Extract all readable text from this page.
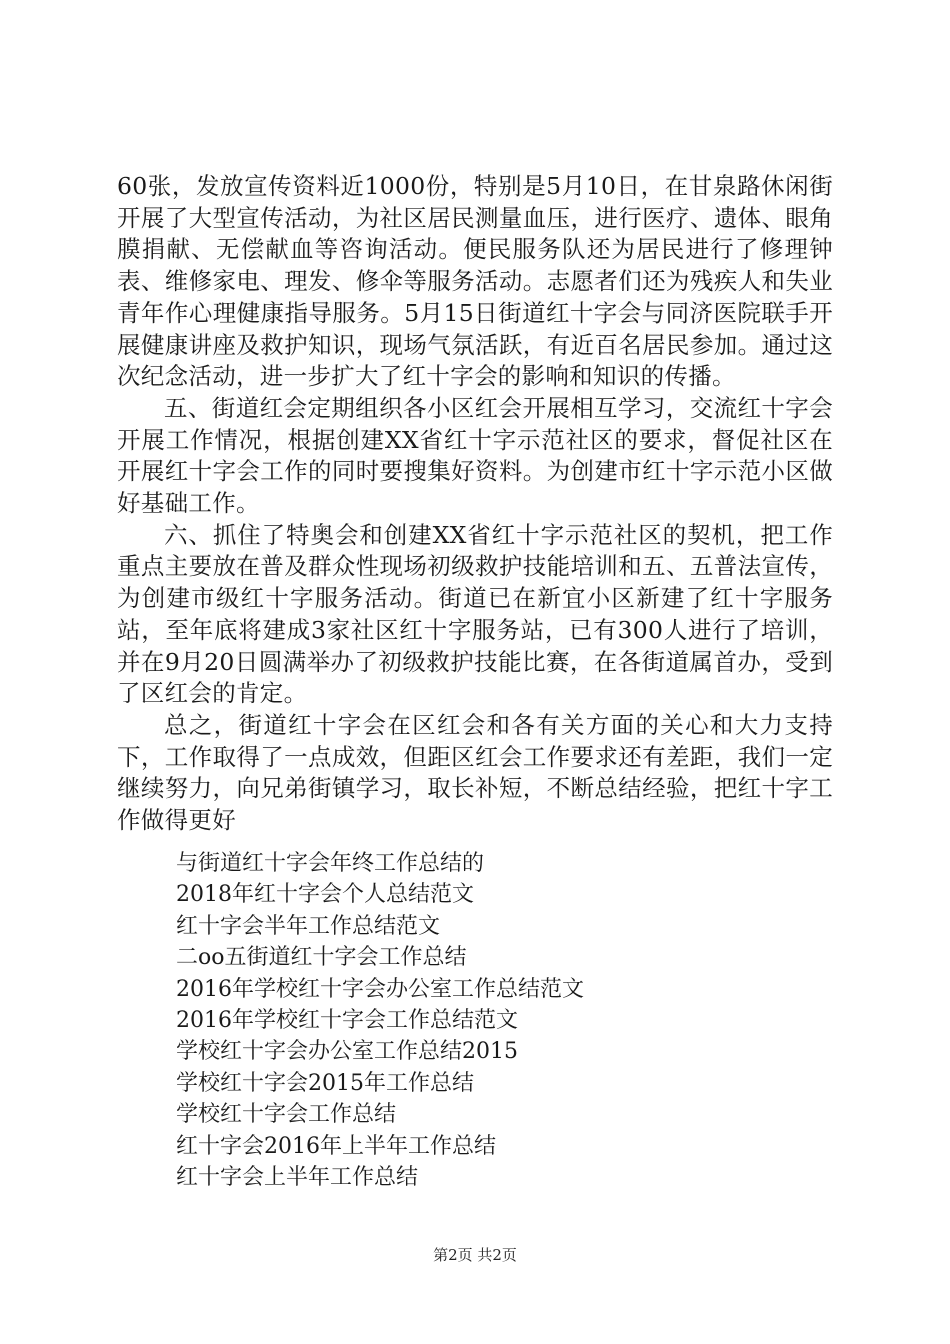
60张，发放宣传资料近1000份，特别是5月10日，在甘泉路休闲街开展了大型宣传活动，为社区居民测量血压，进行医疗、遗体、眼角膜捐献、无偿献血等咨询活动。便民服务队还为居民进行了修理钟表、维修家电、理发、修伞等服务活动。志愿者们还为残疾人和失业青年作心理健康指导服务。5月15日街道红十字会与同济医院联手开展健康讲座及救护知识，现场气氛活跃，有近百名居民参加。通过这次纪念活动，进一步扩大了红十字会的影响和知识的传播。

五、街道红会定期组织各小区红会开展相互学习，交流红十字会开展工作情况，根据创建XX省红十字示范社区的要求，督促社区在开展红十字会工作的同时要搜集好资料。为创建市红十字示范小区做好基础工作。

六、抓住了特奥会和创建XX省红十字示范社区的契机，把工作重点主要放在普及群众性现场初级救护技能培训和五、五普法宣传，为创建市级红十字服务活动。街道已在新宜小区新建了红十字服务站，至年底将建成3家社区红十字服务站，已有300人进行了培训，并在9月20日圆满举办了初级救护技能比赛，在各街道属首办，受到了区红会的肯定。

总之，街道红十字会在区红会和各有关方面的关心和大力支持下，工作取得了一点成效，但距区红会工作要求还有差距，我们一定继续努力，向兄弟街镇学习，取长补短，不断总结经验，把红十字工作做得更好

与街道红十字会年终工作总结的
2018年红十字会个人总结范文
红十字会半年工作总结范文
二oo五街道红十字会工作总结
2016年学校红十字会办公室工作总结范文
2016年学校红十字会工作总结范文
学校红十字会办公室工作总结2015
学校红十字会2015年工作总结
学校红十字会工作总结
红十字会2016年上半年工作总结
红十字会上半年工作总结
第2页 共2页
